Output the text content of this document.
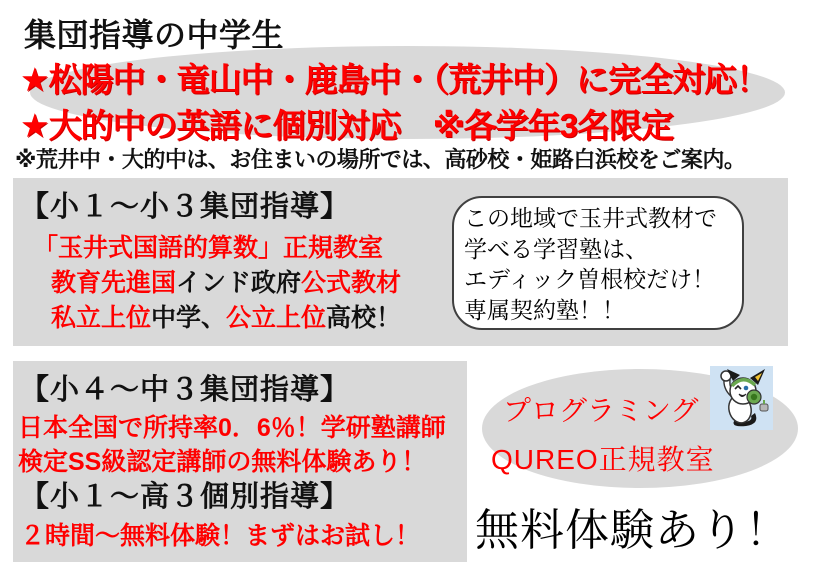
集団指導の中学生
★松陽中・竜山中・鹿島中・（荒井中）に完全対応！
★大的中の英語に個別対応　※各学年3名限定
※荒井中・大的中は、お住まいの場所では、高砂校・姫路白浜校をご案内。
【小１～小３集団指導】
「玉井式国語的算数」正規教室
教育先進国インド政府公式教材
私立上位中学、公立上位高校！
この地域で玉井式教材で
学べる学習塾は、
エディック曽根校だけ！
専属契約塾！！
【小４～中３集団指導】
日本全国で所持率0．6％！学研塾講師
検定SS級認定講師の無料体験あり！
【小１～高３個別指導】
２時間～無料体験！まずはお試し！
プログラミング
QUREO正規教室
無料体験あり！
